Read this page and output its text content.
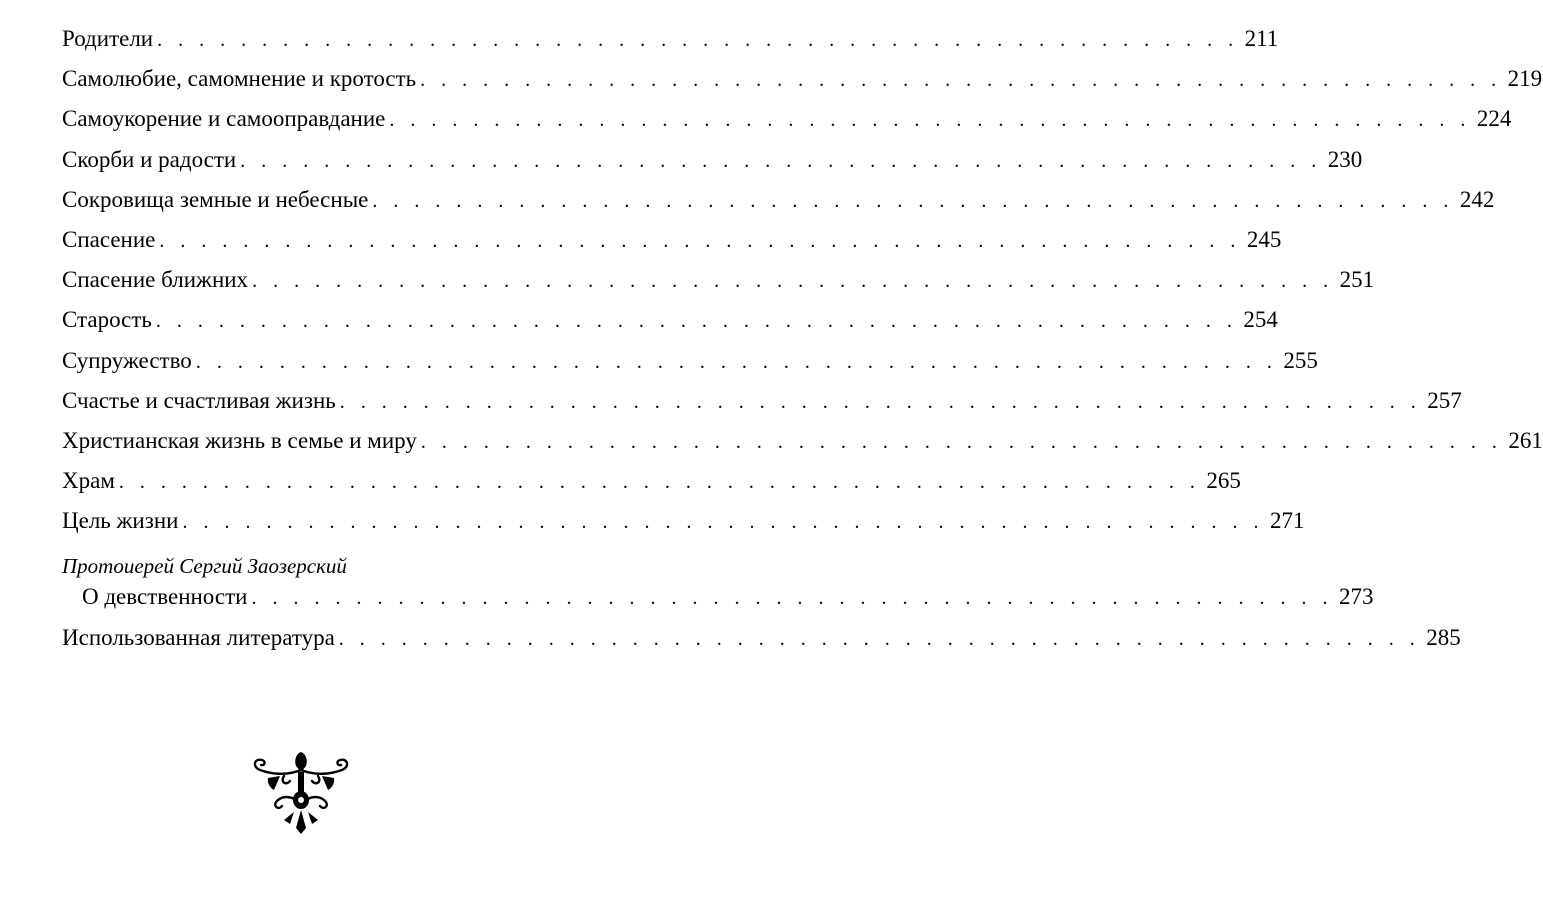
Родители . . . . . . . . . . . . . . . . . . . . . . . . . . . . . . . . . . . . . . . . . . . . . . . . . . . . 211
Самолюбие, самомнение и кротость . . . . . . . . . . . . . . . . . . . . . . . . . . . . . . . . . . . . . . . . . . . . . . . . . . . . 219
Самоукорение и самооправдание . . . . . . . . . . . . . . . . . . . . . . . . . . . . . . . . . . . . . . . . . . . . . . . . . . . . 224
Скорби и радости . . . . . . . . . . . . . . . . . . . . . . . . . . . . . . . . . . . . . . . . . . . . . . . . . . . . 230
Сокровища земные и небесные . . . . . . . . . . . . . . . . . . . . . . . . . . . . . . . . . . . . . . . . . . . . . . . . . . . . 242
Спасение . . . . . . . . . . . . . . . . . . . . . . . . . . . . . . . . . . . . . . . . . . . . . . . . . . . . 245
Спасение ближних . . . . . . . . . . . . . . . . . . . . . . . . . . . . . . . . . . . . . . . . . . . . . . . . . . . . 251
Старость . . . . . . . . . . . . . . . . . . . . . . . . . . . . . . . . . . . . . . . . . . . . . . . . . . . . 254
Супружество . . . . . . . . . . . . . . . . . . . . . . . . . . . . . . . . . . . . . . . . . . . . . . . . . . . . 255
Счастье и счастливая жизнь . . . . . . . . . . . . . . . . . . . . . . . . . . . . . . . . . . . . . . . . . . . . . . . . . . . . 257
Христианская жизнь в семье и миру . . . . . . . . . . . . . . . . . . . . . . . . . . . . . . . . . . . . . . . . . . . . . . . . . . . . 261
Храм . . . . . . . . . . . . . . . . . . . . . . . . . . . . . . . . . . . . . . . . . . . . . . . . . . . . 265
Цель жизни . . . . . . . . . . . . . . . . . . . . . . . . . . . . . . . . . . . . . . . . . . . . . . . . . . . . 271
Протоиерей Сергий Заозерский
О девственности . . . . . . . . . . . . . . . . . . . . . . . . . . . . . . . . . . . . . . . . . . . . . . . . . . . . 273
Использованная литература . . . . . . . . . . . . . . . . . . . . . . . . . . . . . . . . . . . . . . . . . . . . . . . . . . . . 285
